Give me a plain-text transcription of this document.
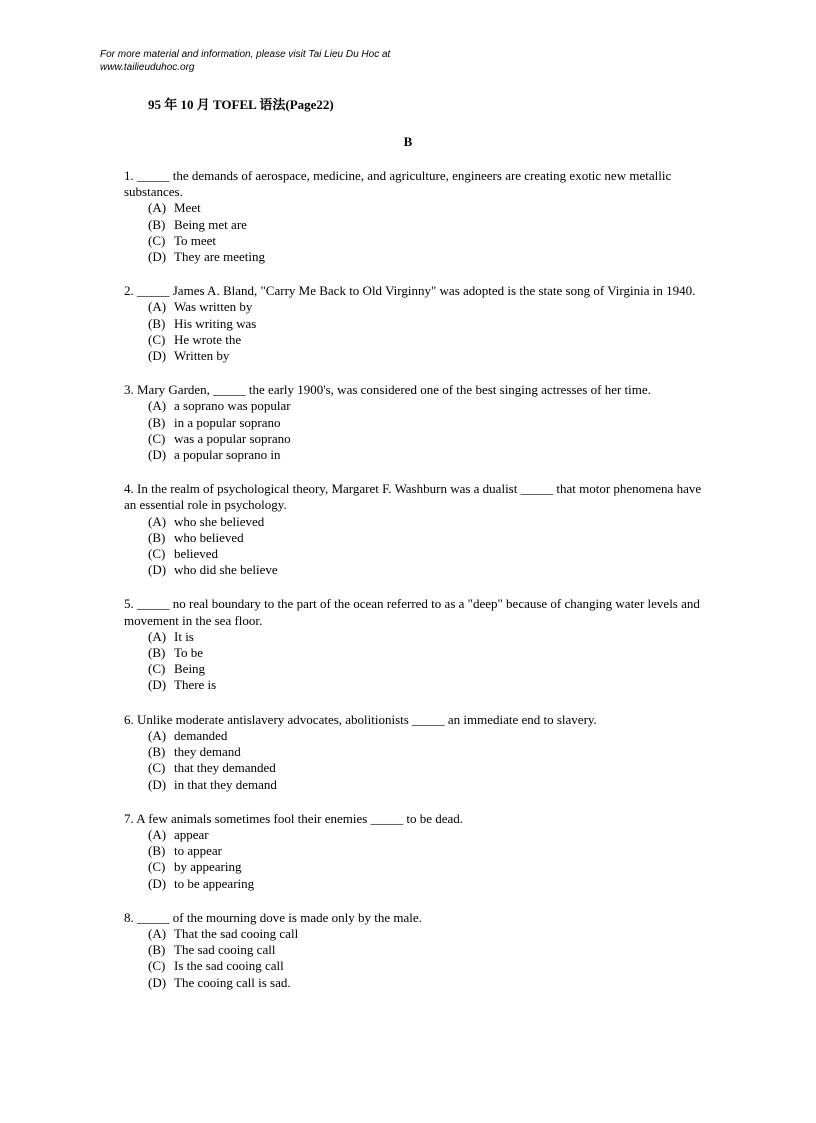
For more material and information, please visit Tai Lieu Du Hoc at
www.tailieuduhoc.org
95 年 10 月 TOFEL 语法(Page22)
B

1. _____ the demands of aerospace, medicine, and agriculture, engineers are creating exotic new metallic substances.

(A) Meet
(B) Being met are
(C) To meet
(D) They are meeting

2. _____ James A. Bland, "Carry Me Back to Old Virginny" was adopted is the state song of Virginia in 1940.

(A) Was written by
(B) His writing was
(C) He wrote the
(D) Written by

3. Mary Garden, _____ the early 1900's, was considered one of the best singing actresses of her time.

(A) a soprano was popular
(B) in a popular soprano
(C) was a popular soprano
(D) a popular soprano in

4. In the realm of psychological theory, Margaret F. Washburn was a dualist _____ that motor phenomena have an essential role in psychology.

(A) who she believed
(B) who believed
(C) believed
(D) who did she believe

5. _____ no real boundary to the part of the ocean referred to as a "deep" because of changing water levels and movement in the sea floor.

(A) It is
(B) To be
(C) Being
(D) There is

6. Unlike moderate antislavery advocates, abolitionists _____ an immediate end to slavery.

(A) demanded
(B) they demand
(C) that they demanded
(D) in that they demand

7. A few animals sometimes fool their enemies _____ to be dead.

(A) appear
(B) to appear
(C) by appearing
(D) to be appearing

8. _____ of the mourning dove is made only by the male.

(A) That the sad cooing call
(B) The sad cooing call
(C) Is the sad cooing call
(D) The cooing call is sad.
